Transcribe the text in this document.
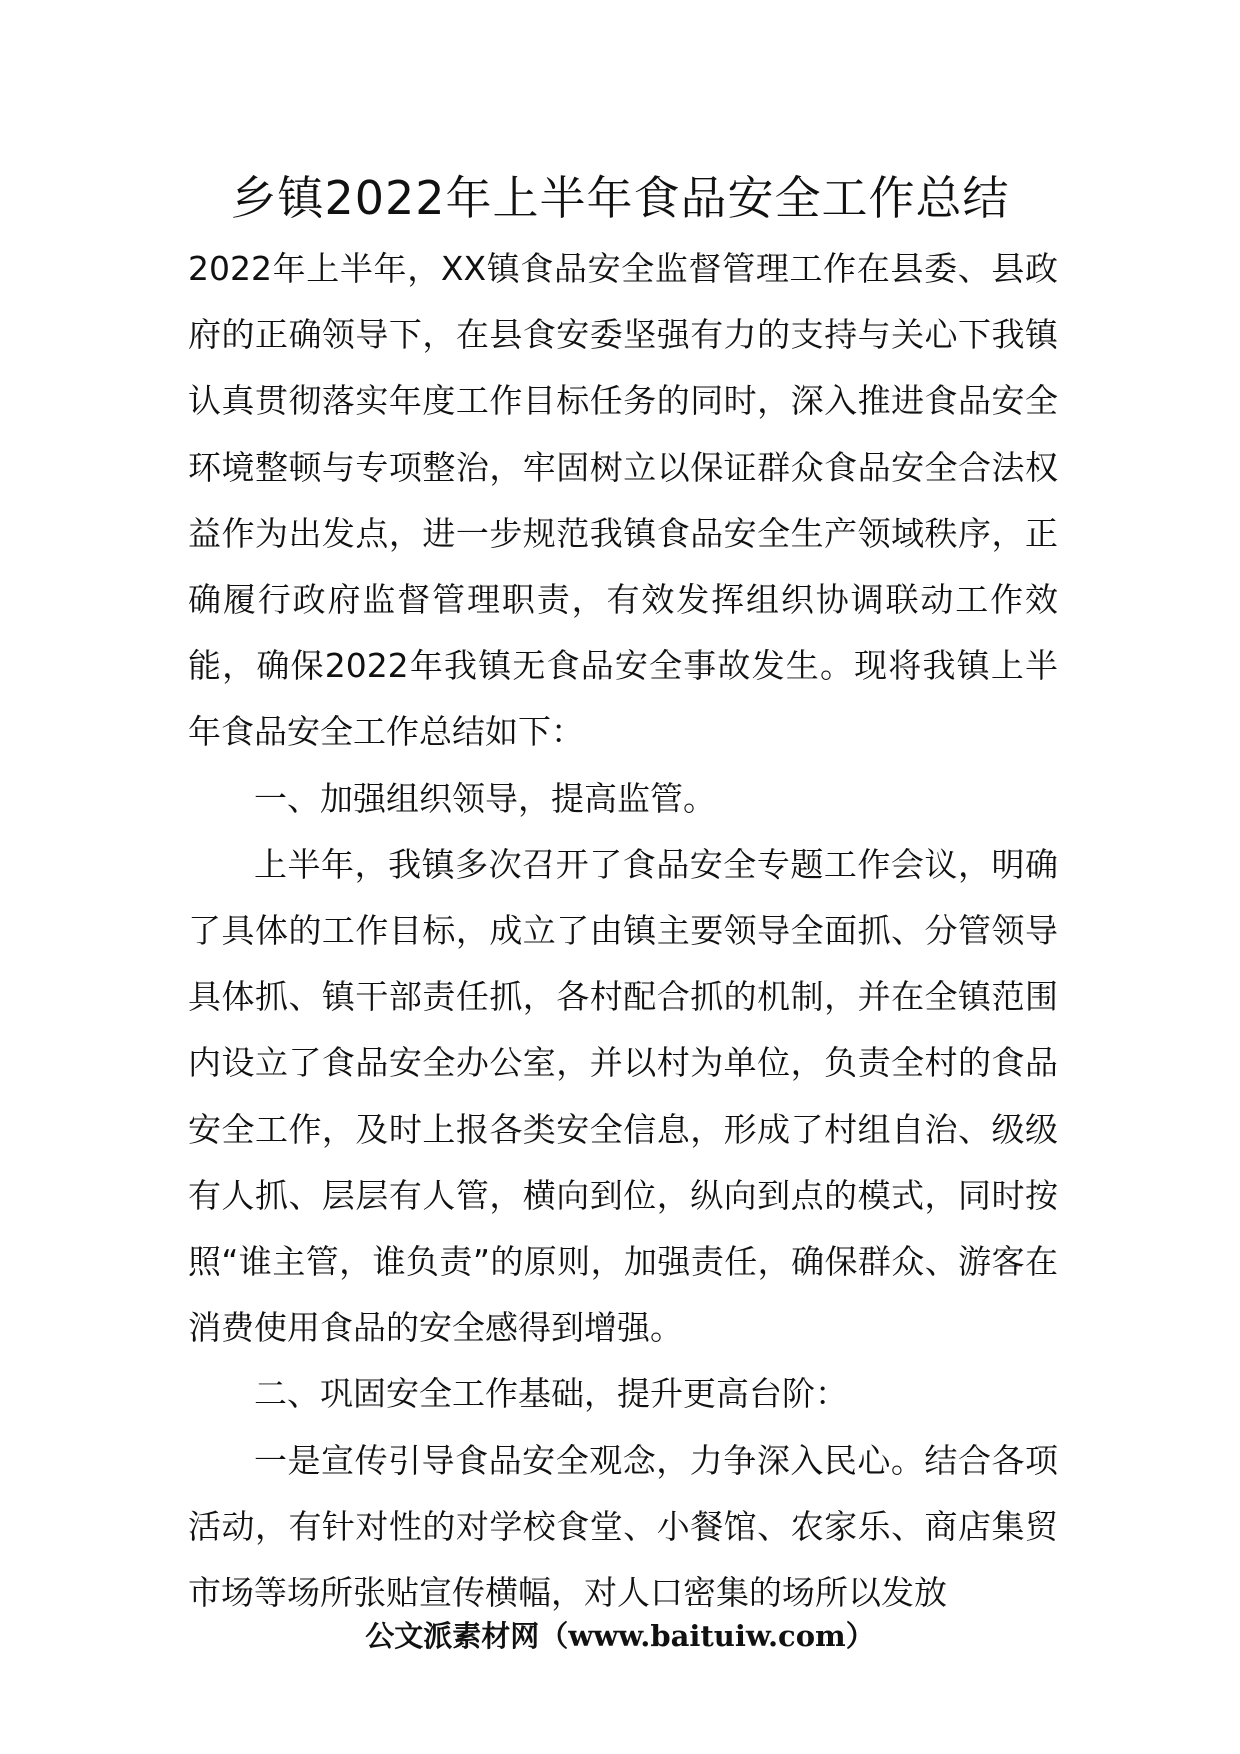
乡镇2022年上半年食品安全工作总结

2022年上半年，XX镇食品安全监督管理工作在县委、县政府的正确领导下，在县食安委坚强有力的支持与关心下我镇认真贯彻落实年度工作目标任务的同时，深入推进食品安全环境整顿与专项整治，牢固树立以保证群众食品安全合法权益作为出发点，进一步规范我镇食品安全生产领域秩序，正确履行政府监督管理职责，有效发挥组织协调联动工作效能，确保2022年我镇无食品安全事故发生。现将我镇上半年食品安全工作总结如下：

一、加强组织领导，提高监管。

上半年，我镇多次召开了食品安全专题工作会议，明确了具体的工作目标，成立了由镇主要领导全面抓、分管领导具体抓、镇干部责任抓，各村配合抓的机制，并在全镇范围内设立了食品安全办公室，并以村为单位，负责全村的食品安全工作，及时上报各类安全信息，形成了村组自治、级级有人抓、层层有人管，横向到位，纵向到点的模式，同时按照“谁主管，谁负责”的原则，加强责任，确保群众、游客在消费使用食品的安全感得到增强。

二、巩固安全工作基础，提升更高台阶：

一是宣传引导食品安全观念，力争深入民心。结合各项活动，有针对性的对学校食堂、小餐馆、农家乐、商店集贸市场等场所张贴宣传横幅，对人口密集的场所以发放

公文派素材网（www.baituiw.com）
